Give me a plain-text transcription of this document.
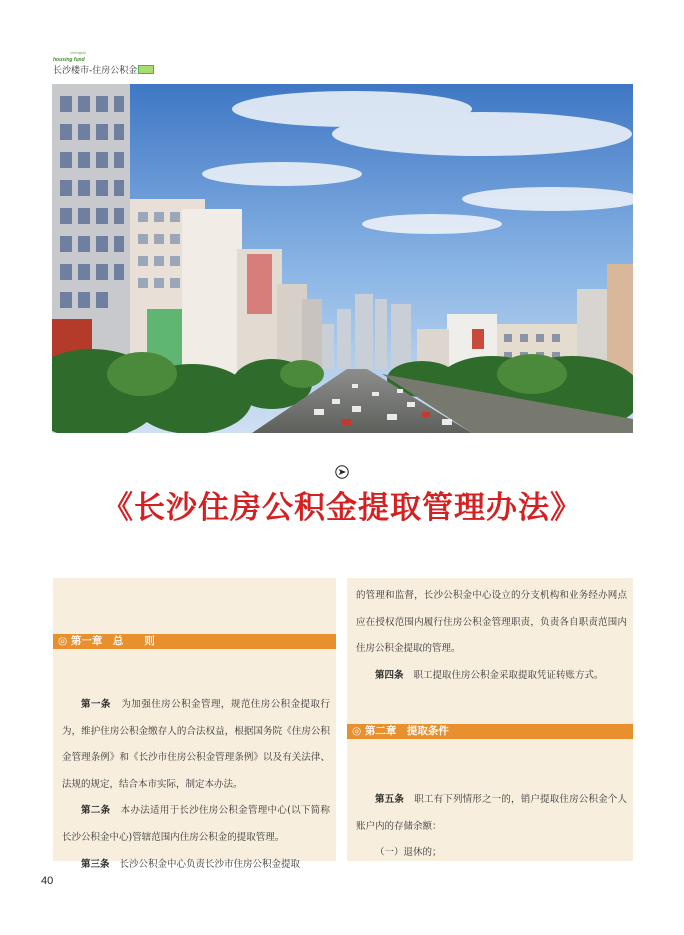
chengshi
housing fund
长沙楼市-住房公积金
《长沙住房公积金提取管理办法》
◎ 第一章　总　　则

第一条 为加强住房公积金管理，规范住房公积金提取行为，维护住房公积金缴存人的合法权益，根据国务院《住房公积金管理条例》和《长沙市住房公积金管理条例》以及有关法律、法规的规定，结合本市实际，制定本办法。

第二条 本办法适用于长沙住房公积金管理中心(以下简称长沙公积金中心)管辖范围内住房公积金的提取管理。

第三条 长沙公积金中心负责长沙市住房公积金提取

的管理和监督，长沙公积金中心设立的分支机构和业务经办网点应在授权范围内履行住房公积金管理职责，负责各自职责范围内住房公积金提取的管理。

第四条 职工提取住房公积金采取提取凭证转账方式。

◎ 第二章　提取条件

第五条 职工有下列情形之一的，销户提取住房公积金个人账户内的存储余额：

（一）退休的；

40
